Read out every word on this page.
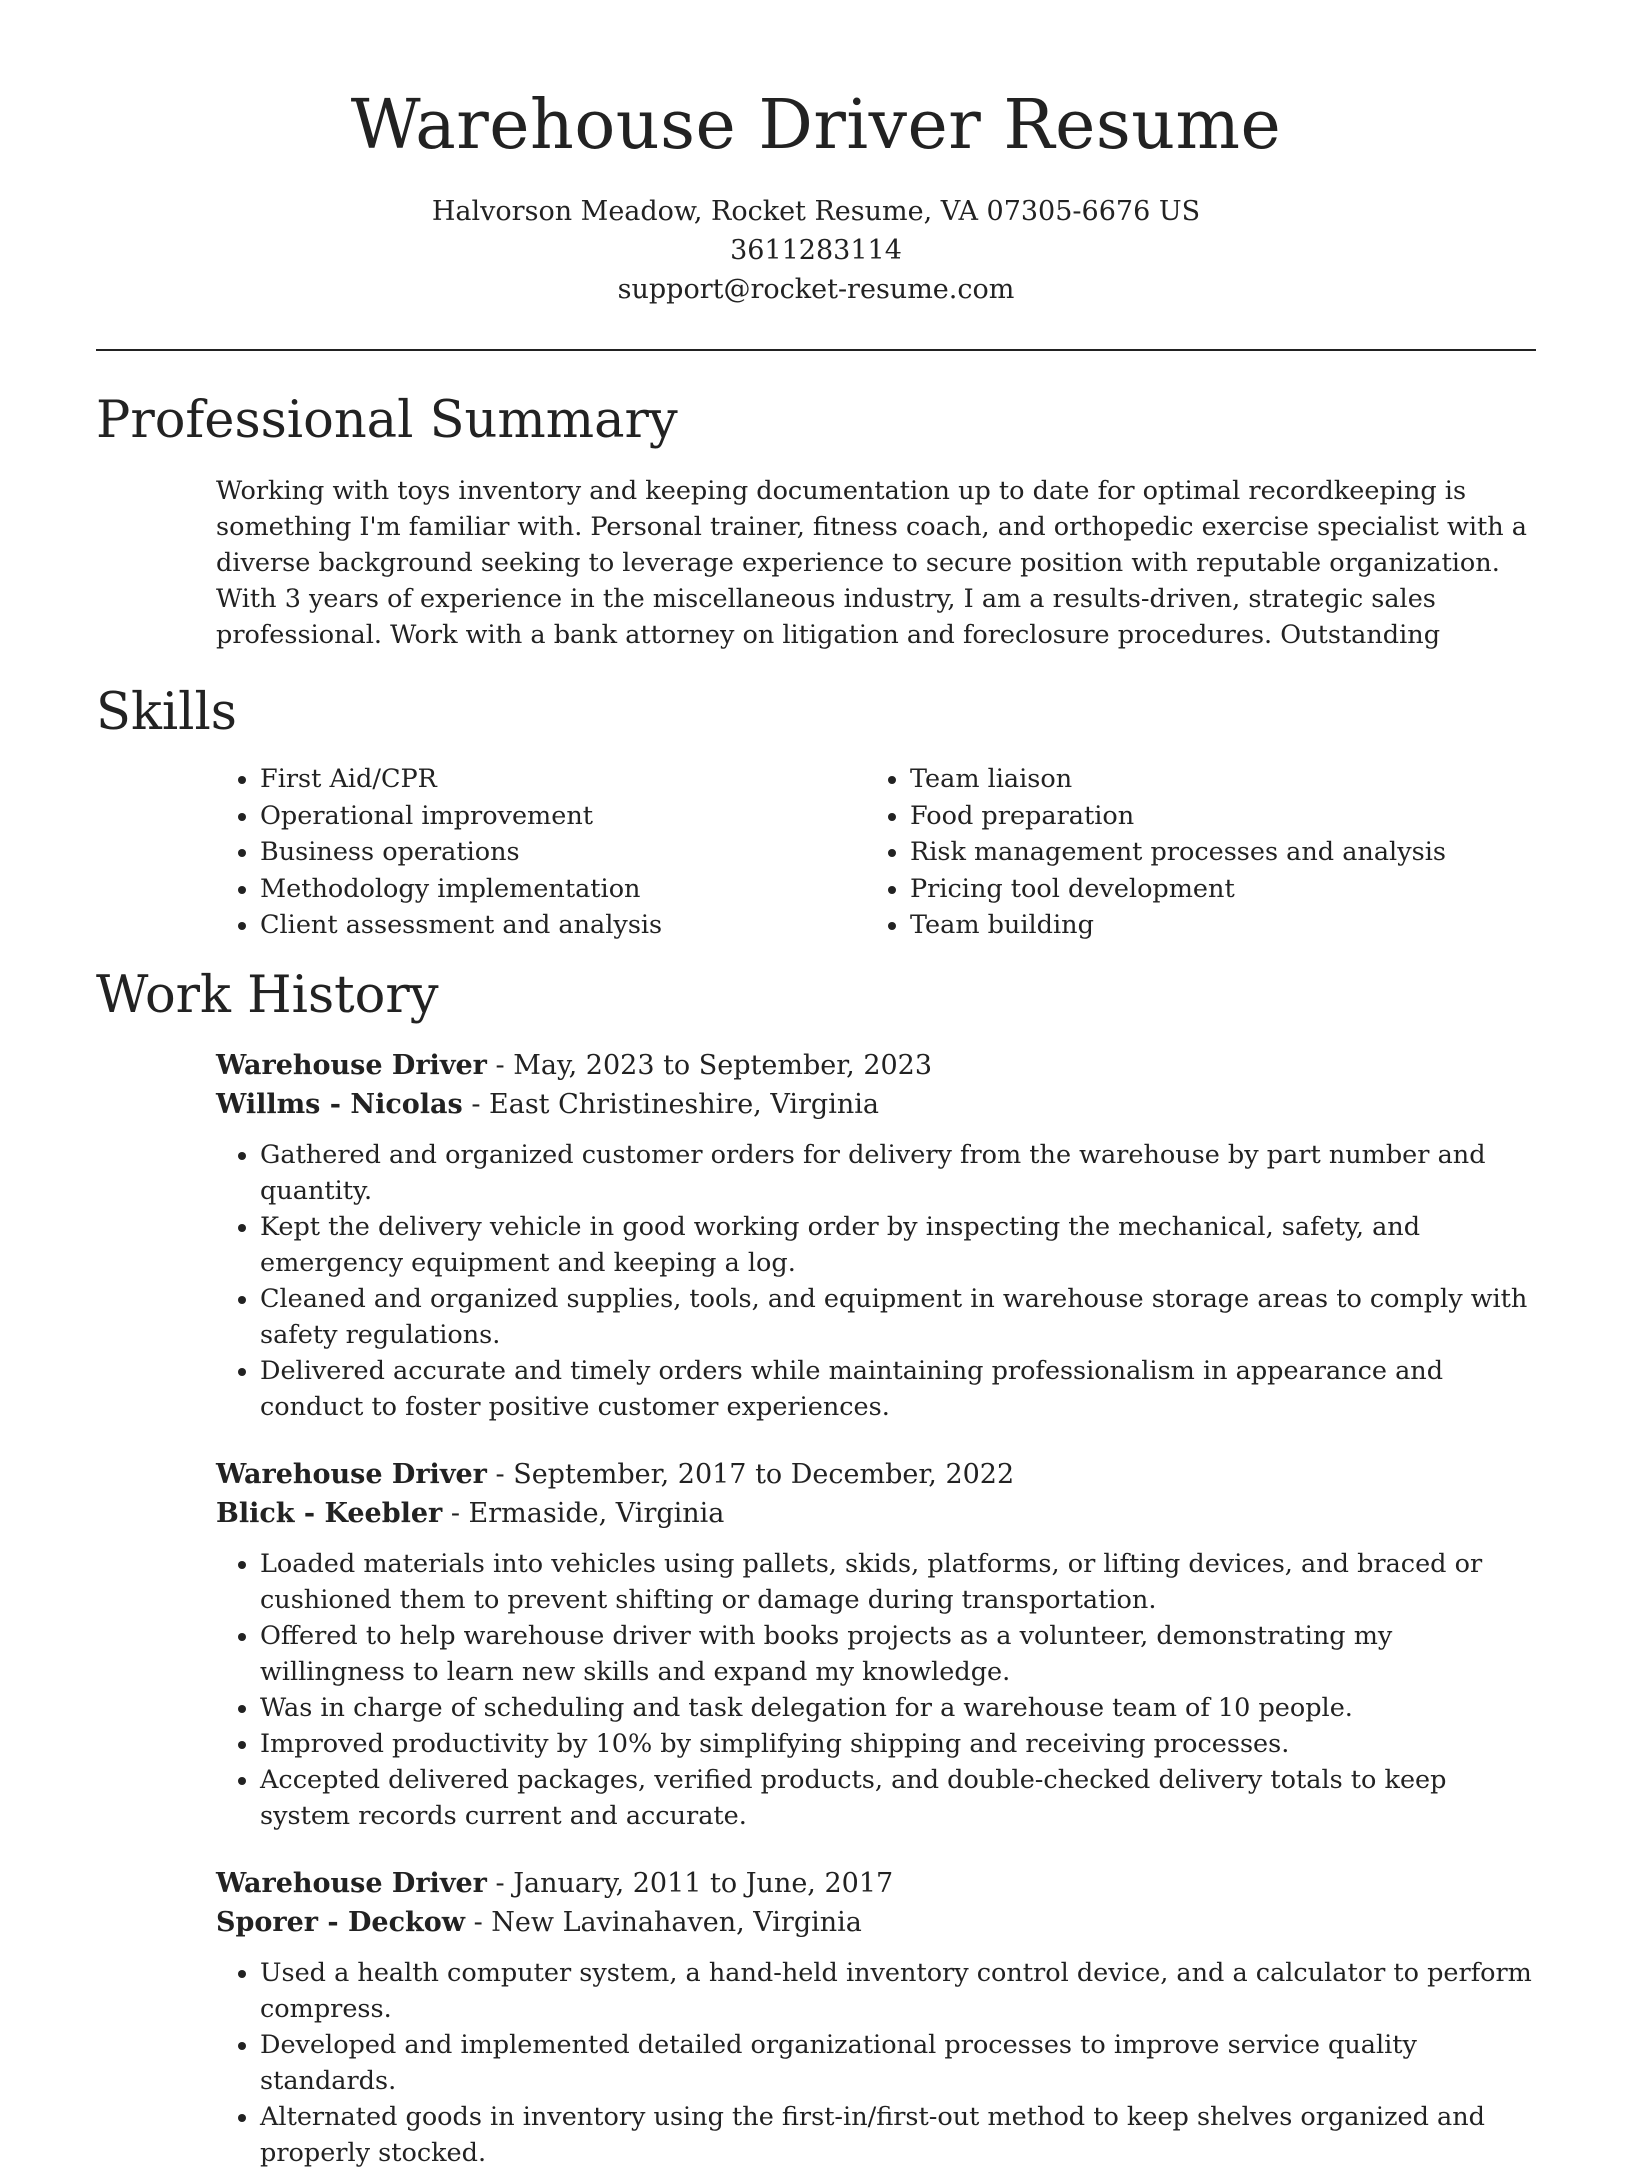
Warehouse Driver Resume
Halvorson Meadow, Rocket Resume, VA 07305-6676 US
3611283114
support@rocket-resume.com
Professional Summary

Working with toys inventory and keeping documentation up to date for optimal recordkeeping is something I'm familiar with. Personal trainer, fitness coach, and orthopedic exercise specialist with a diverse background seeking to leverage experience to secure position with reputable organization. With 3 years of experience in the miscellaneous industry, I am a results-driven, strategic sales professional. Work with a bank attorney on litigation and foreclosure procedures. Outstanding

Skills
• First Aid/CPR
• Operational improvement
• Business operations
• Methodology implementation
• Client assessment and analysis
• Team liaison
• Food preparation
• Risk management processes and analysis
• Pricing tool development
• Team building
Work History
Warehouse Driver - May, 2023 to September, 2023
Willms - Nicolas - East Christineshire, Virginia
• Gathered and organized customer orders for delivery from the warehouse by part number and quantity.
• Kept the delivery vehicle in good working order by inspecting the mechanical, safety, and emergency equipment and keeping a log.
• Cleaned and organized supplies, tools, and equipment in warehouse storage areas to comply with safety regulations.
• Delivered accurate and timely orders while maintaining professionalism in appearance and conduct to foster positive customer experiences.
Warehouse Driver - September, 2017 to December, 2022
Blick - Keebler - Ermaside, Virginia
• Loaded materials into vehicles using pallets, skids, platforms, or lifting devices, and braced or cushioned them to prevent shifting or damage during transportation.
• Offered to help warehouse driver with books projects as a volunteer, demonstrating my willingness to learn new skills and expand my knowledge.
• Was in charge of scheduling and task delegation for a warehouse team of 10 people.
• Improved productivity by 10% by simplifying shipping and receiving processes.
• Accepted delivered packages, verified products, and double-checked delivery totals to keep system records current and accurate.
Warehouse Driver - January, 2011 to June, 2017
Sporer - Deckow - New Lavinahaven, Virginia
• Used a health computer system, a hand-held inventory control device, and a calculator to perform compress.
• Developed and implemented detailed organizational processes to improve service quality standards.
• Alternated goods in inventory using the first-in/first-out method to keep shelves organized and properly stocked.
